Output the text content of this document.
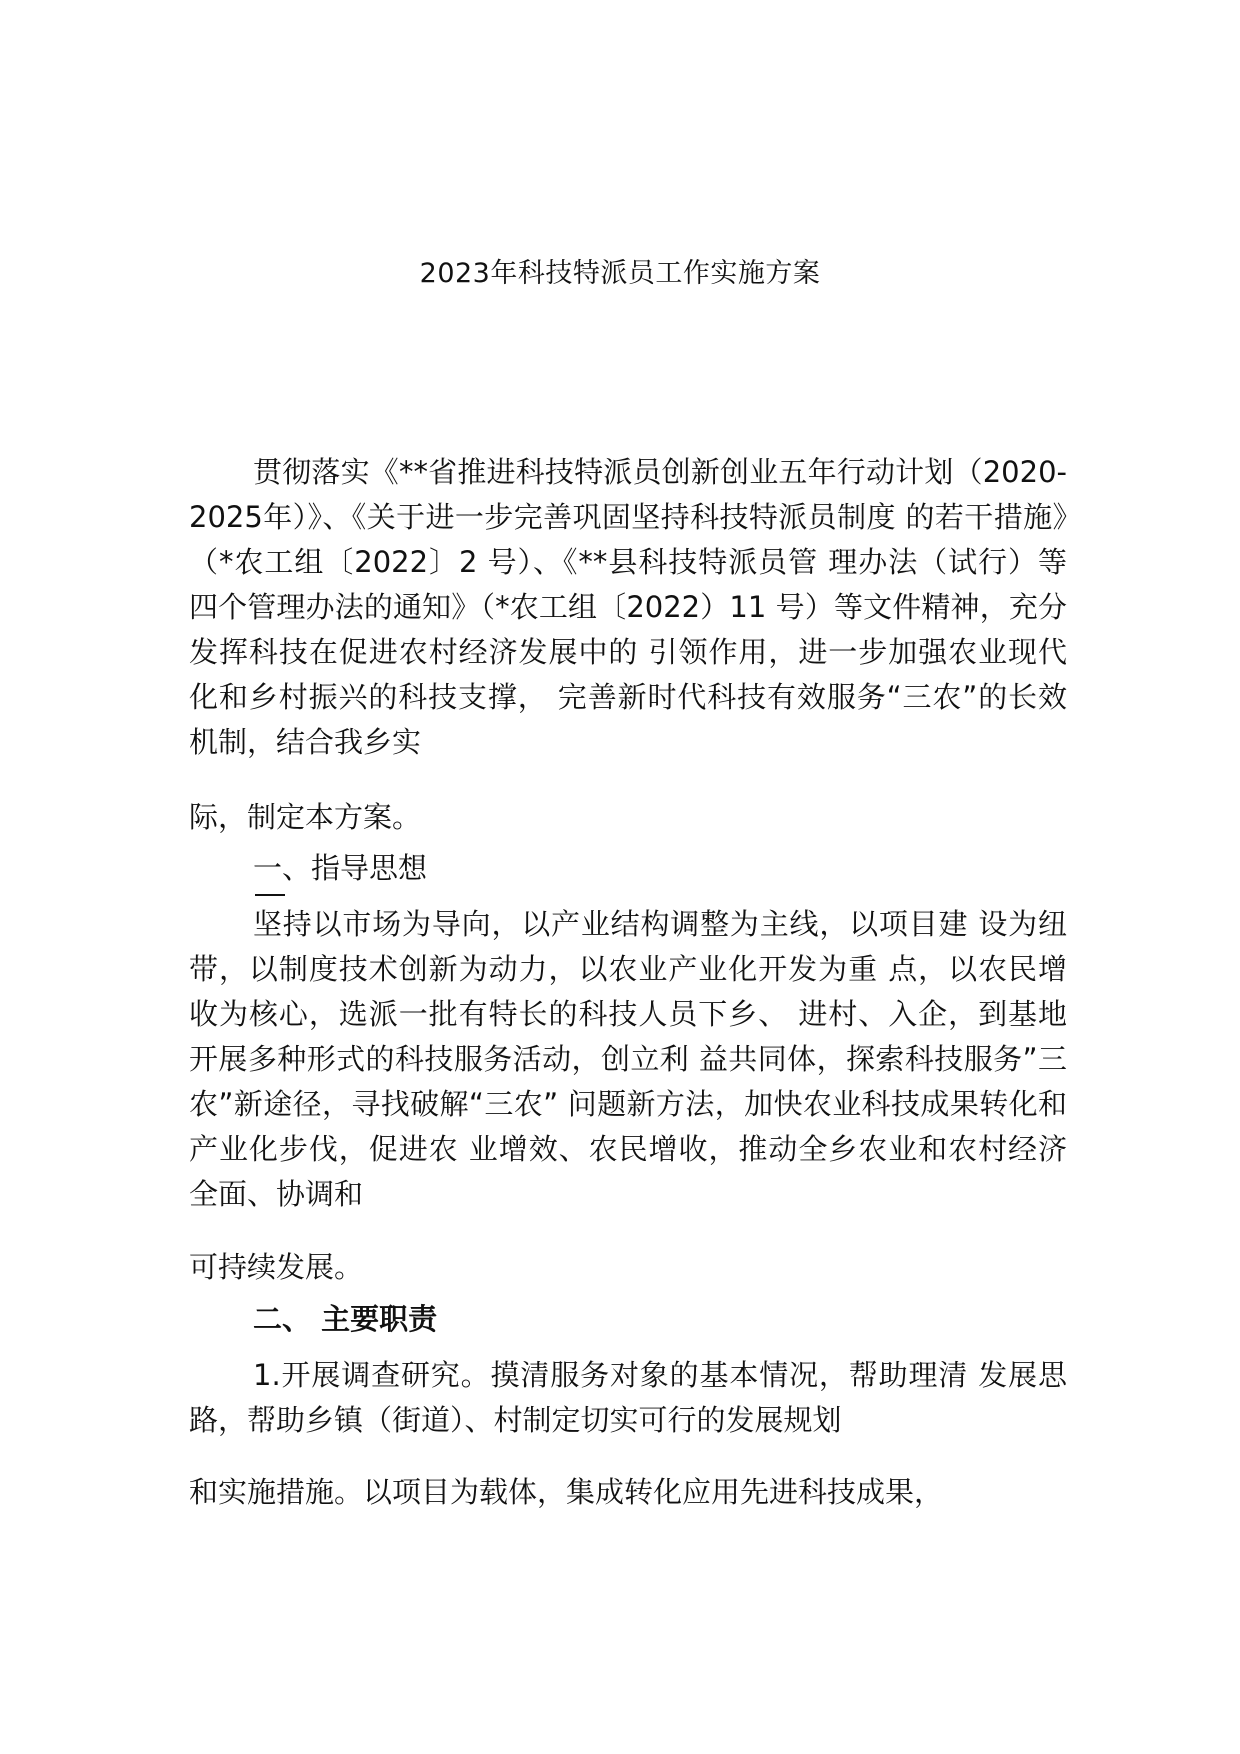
2023年科技特派员工作实施方案

贯彻落实《**省推进科技特派员创新创业五年行动计划（2020-2025年）》、《关于进一步完善巩固坚持科技特派员制度 的若干措施》（*农工组〔2022〕2 号）、《**县科技特派员管 理办法（试行）等四个管理办法的通知》（*农工组〔2022）11 号）等文件精神，充分发挥科技在促进农村经济发展中的 引领作用，进一步加强农业现代化和乡村振兴的科技支撑， 完善新时代科技有效服务“三农”的长效机制，结合我乡实

际，制定本方案。

一、指导思想

坚持以市场为导向，以产业结构调整为主线，以项目建 设为纽带，以制度技术创新为动力，以农业产业化开发为重 点，以农民增收为核心，选派一批有特长的科技人员下乡、 进村、入企，到基地开展多种形式的科技服务活动，创立利 益共同体，探索科技服务”三农”新途径，寻找破解“三农” 问题新方法，加快农业科技成果转化和产业化步伐，促进农 业增效、农民增收，推动全乡农业和农村经济全面、协调和

可持续发展。

二、 主要职责

1.开展调查研究。摸清服务对象的基本情况，帮助理清 发展思路，帮助乡镇（街道）、村制定切实可行的发展规划

和实施措施。以项目为载体，集成转化应用先进科技成果，
